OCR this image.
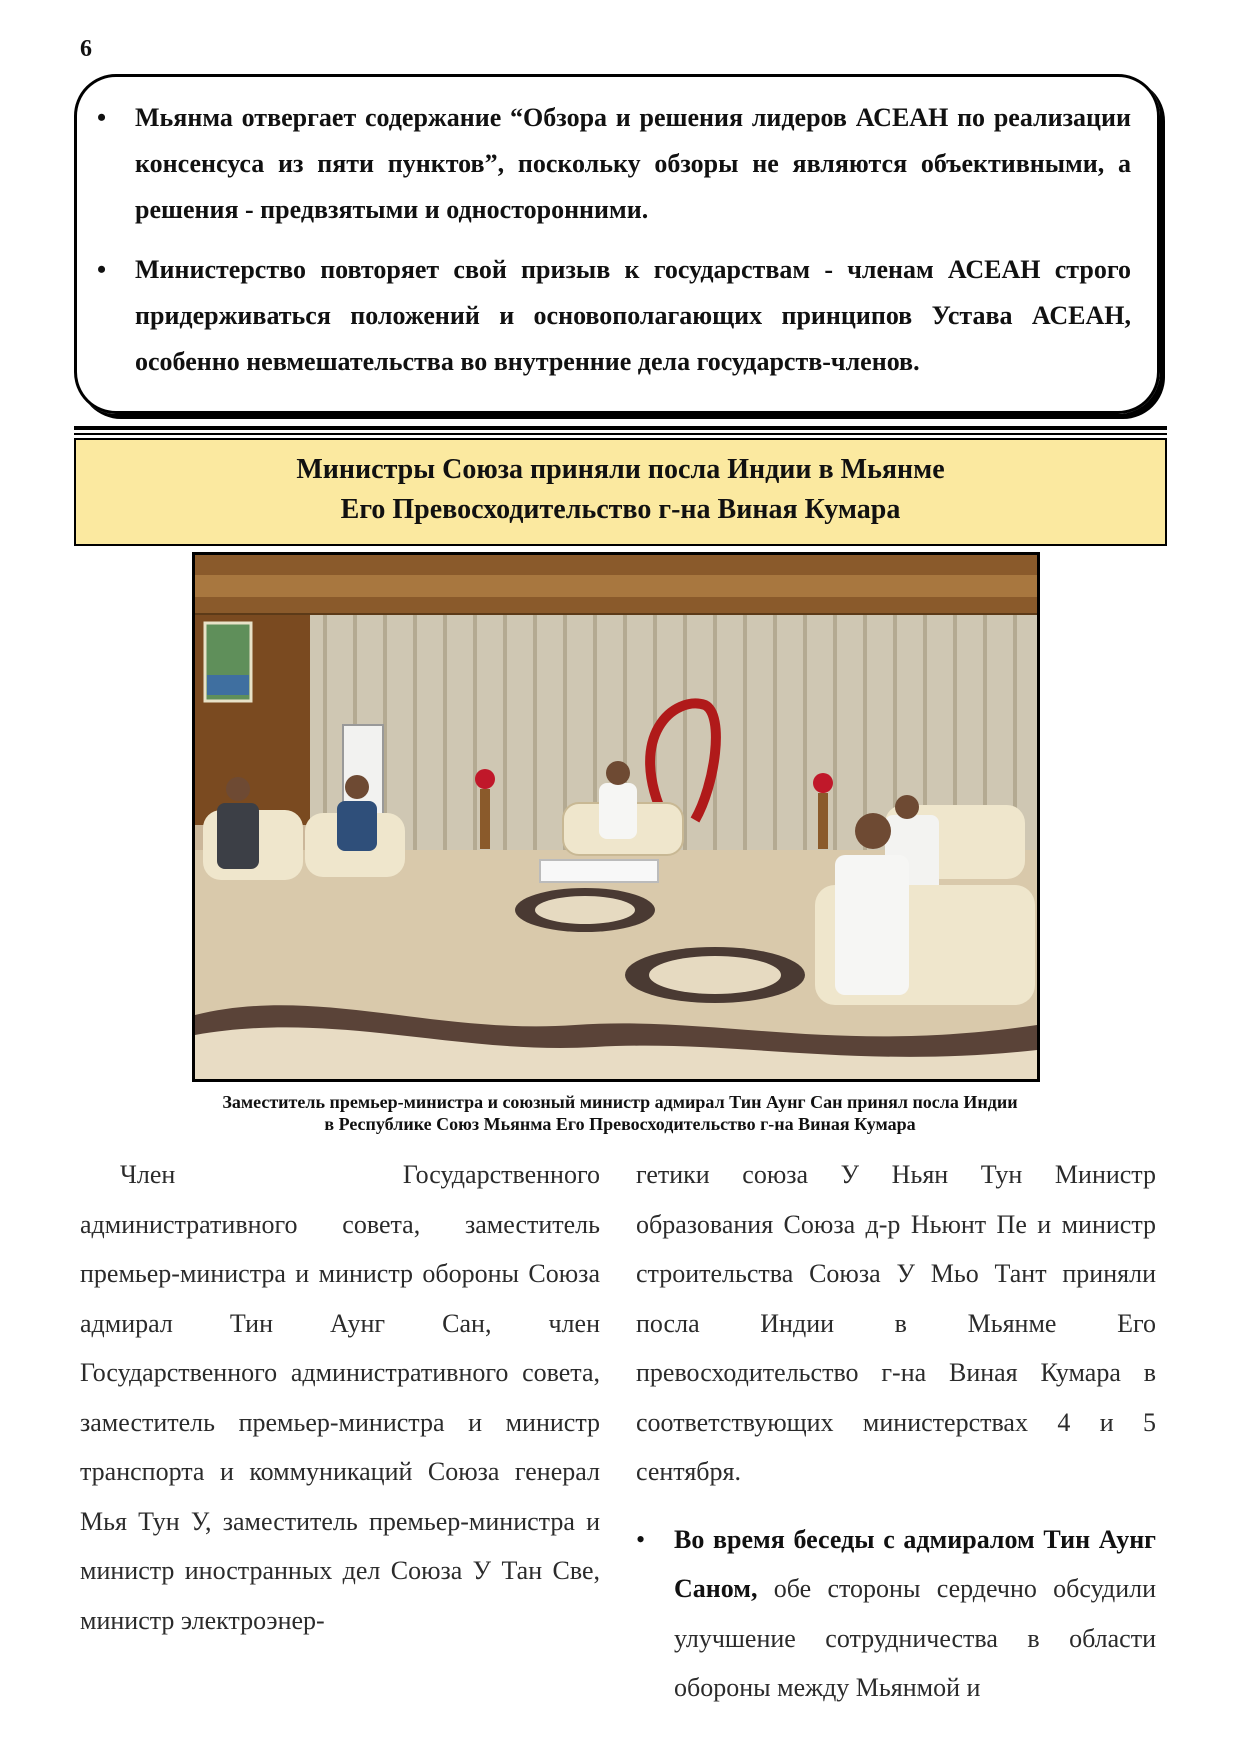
6
• Мьянма отвергает содержание “Обзора и решения лидеров АСЕАН по реализации консенсуса из пяти пунктов”, поскольку обзоры не являются объективными, а решения - предвзятыми и односторонними.
• Министерство повторяет свой призыв к государствам - членам АСЕАН строго придерживаться положений и основополагающих принципов Устава АСЕАН, особенно невмешательства во внутренние дела государств-членов.
Министры Союза приняли посла Индии в Мьянме
Его Превосходительство г-на Виная Кумара
Заместитель премьер-министра и союзный министр адмирал Тин Аунг Сан принял посла Индии
в Республике Союз Мьянма Его Превосходительство г-на Виная Кумара
Член Государственного административного совета, заместитель премьер-министра и министр обороны Союза адмирал Тин Аунг Сан, член Государственного административного совета, заместитель премьер-министра и министр транспорта и коммуникаций Союза генерал Мья Тун У, заместитель премьер-министра и министр иностранных дел Союза У Тан Све, министр электроэнер-
гетики союза У Ньян Тун Министр образования Союза д-р Ньюнт Пе и министр строительства Союза У Мьо Тант приняли посла Индии в Мьянме Его превосходительство г-на Виная Кумара в соответствующих министерствах 4 и 5 сентября.
• Во время беседы с адмиралом Тин Аунг Саном, обе стороны сердечно обсудили улучшение сотрудничества в области обороны между Мьянмой и
